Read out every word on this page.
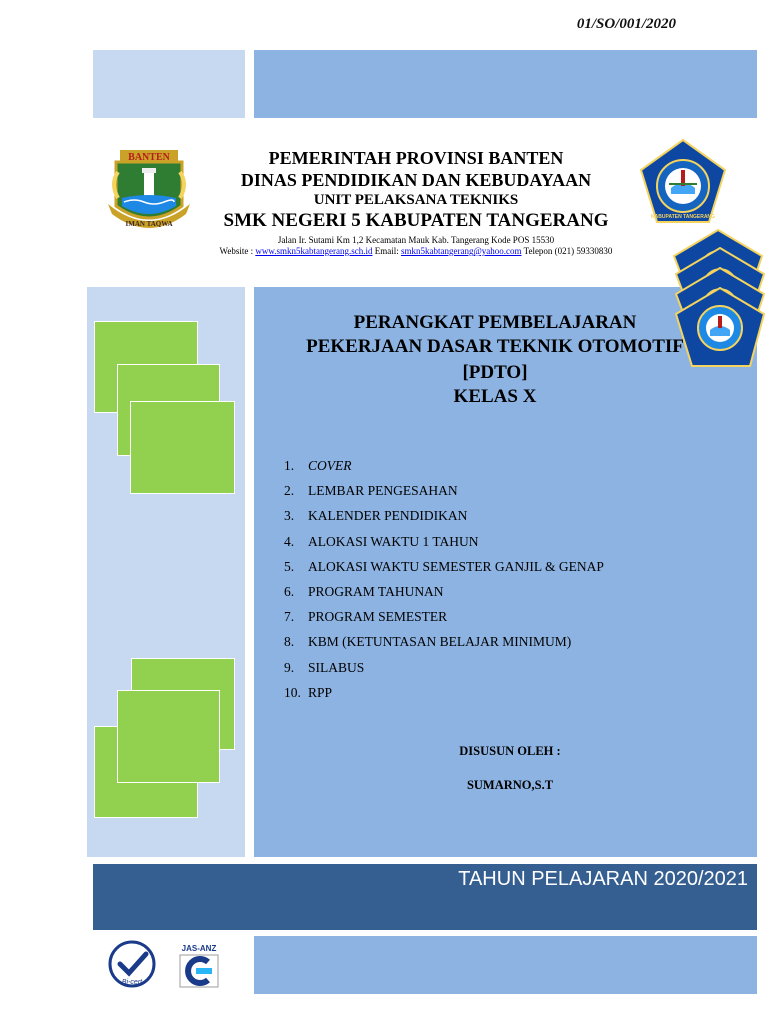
01/SO/001/2020
BANTEN
IMAN TAQWA
KABUPATEN TANGERANG
PEMERINTAH PROVINSI BANTEN
DINAS PENDIDIKAN DAN KEBUDAYAAN
UNIT PELAKSANA TEKNIKS
SMK NEGERI 5 KABUPATEN TANGERANG
Jalan Ir. Sutami Km 1,2 Kecamatan Mauk Kab. Tangerang Kode POS 15530
Website : www.smkn5kabtangerang.sch.id Email: smkn5kabtangerang@yahoo.com Telepon (021) 59330830
PERANGKAT PEMBELAJARAN
PEKERJAAN DASAR TEKNIK OTOMOTIF
[PDTO]
KELAS X
1.	COVER
2.	LEMBAR PENGESAHAN
3.	KALENDER PENDIDIKAN
4.	ALOKASI WAKTU 1 TAHUN
5.	ALOKASI WAKTU SEMESTER GANJIL & GENAP
6.	PROGRAM TAHUNAN
7.	PROGRAM SEMESTER
8.	KBM (KETUNTASAN BELAJAR MINIMUM)
9.	SILABUS
10. RPP
DISUSUN OLEH :
SUMARNO,S.T
TAHUN PELAJARAN 2020/2021
Bi-cert
JAS-ANZ
